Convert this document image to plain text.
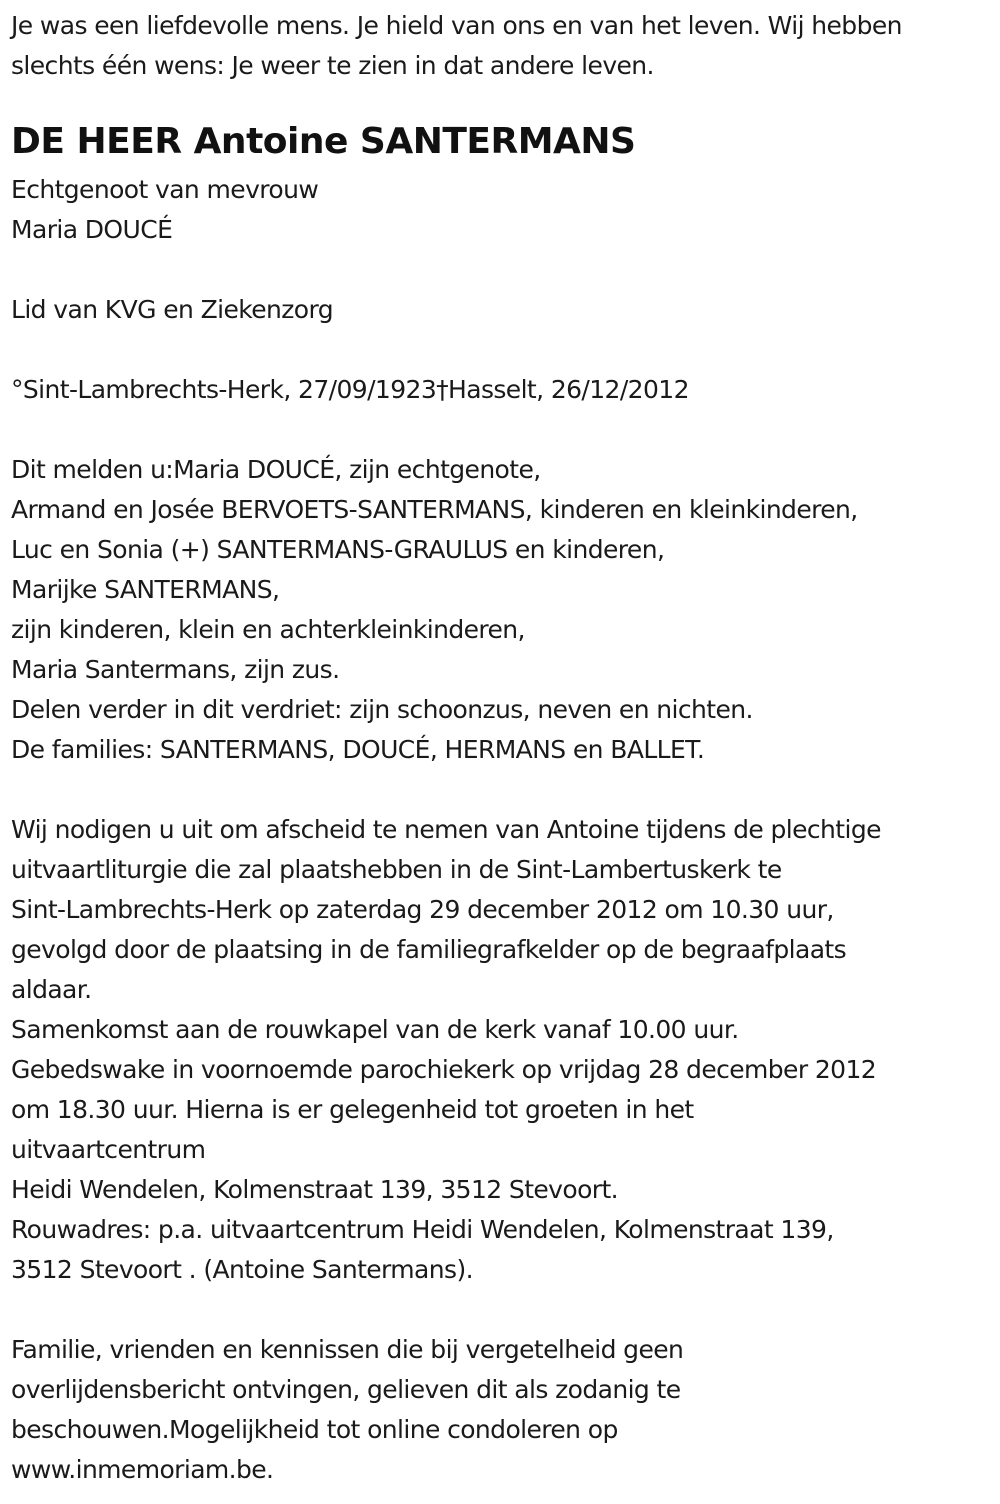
Je was een liefdevolle mens. Je hield van ons en van het leven. Wij hebben
slechts één wens: Je weer te zien in dat andere leven.
DE HEER Antoine SANTERMANS
Echtgenoot van mevrouw
Maria DOUCÉ
Lid van KVG en Ziekenzorg
°Sint-Lambrechts-Herk, 27/09/1923†Hasselt, 26/12/2012
Dit melden u:Maria DOUCÉ, zijn echtgenote,
Armand en Josée BERVOETS-SANTERMANS, kinderen en kleinkinderen,
Luc en Sonia (+) SANTERMANS-GRAULUS en kinderen,
Marijke SANTERMANS,
zijn kinderen, klein en achterkleinkinderen,
Maria Santermans, zijn zus.
Delen verder in dit verdriet: zijn schoonzus, neven en nichten.
De families: SANTERMANS, DOUCÉ, HERMANS en BALLET.
Wij nodigen u uit om afscheid te nemen van Antoine tijdens de plechtige
uitvaartliturgie die zal plaatshebben in de Sint-Lambertuskerk te
Sint-Lambrechts-Herk op zaterdag 29 december 2012 om 10.30 uur,
gevolgd door de plaatsing in de familiegrafkelder op de begraafplaats
aldaar.
Samenkomst aan de rouwkapel van de kerk vanaf 10.00 uur.
Gebedswake in voornoemde parochiekerk op vrijdag 28 december 2012
om 18.30 uur. Hierna is er gelegenheid tot groeten in het
uitvaartcentrum
Heidi Wendelen, Kolmenstraat 139, 3512 Stevoort.
Rouwadres: p.a. uitvaartcentrum Heidi Wendelen, Kolmenstraat 139,
3512 Stevoort . (Antoine Santermans).
Familie, vrienden en kennissen die bij vergetelheid geen
overlijdensbericht ontvingen, gelieven dit als zodanig te
beschouwen.Mogelijkheid tot online condoleren op
www.inmemoriam.be.
